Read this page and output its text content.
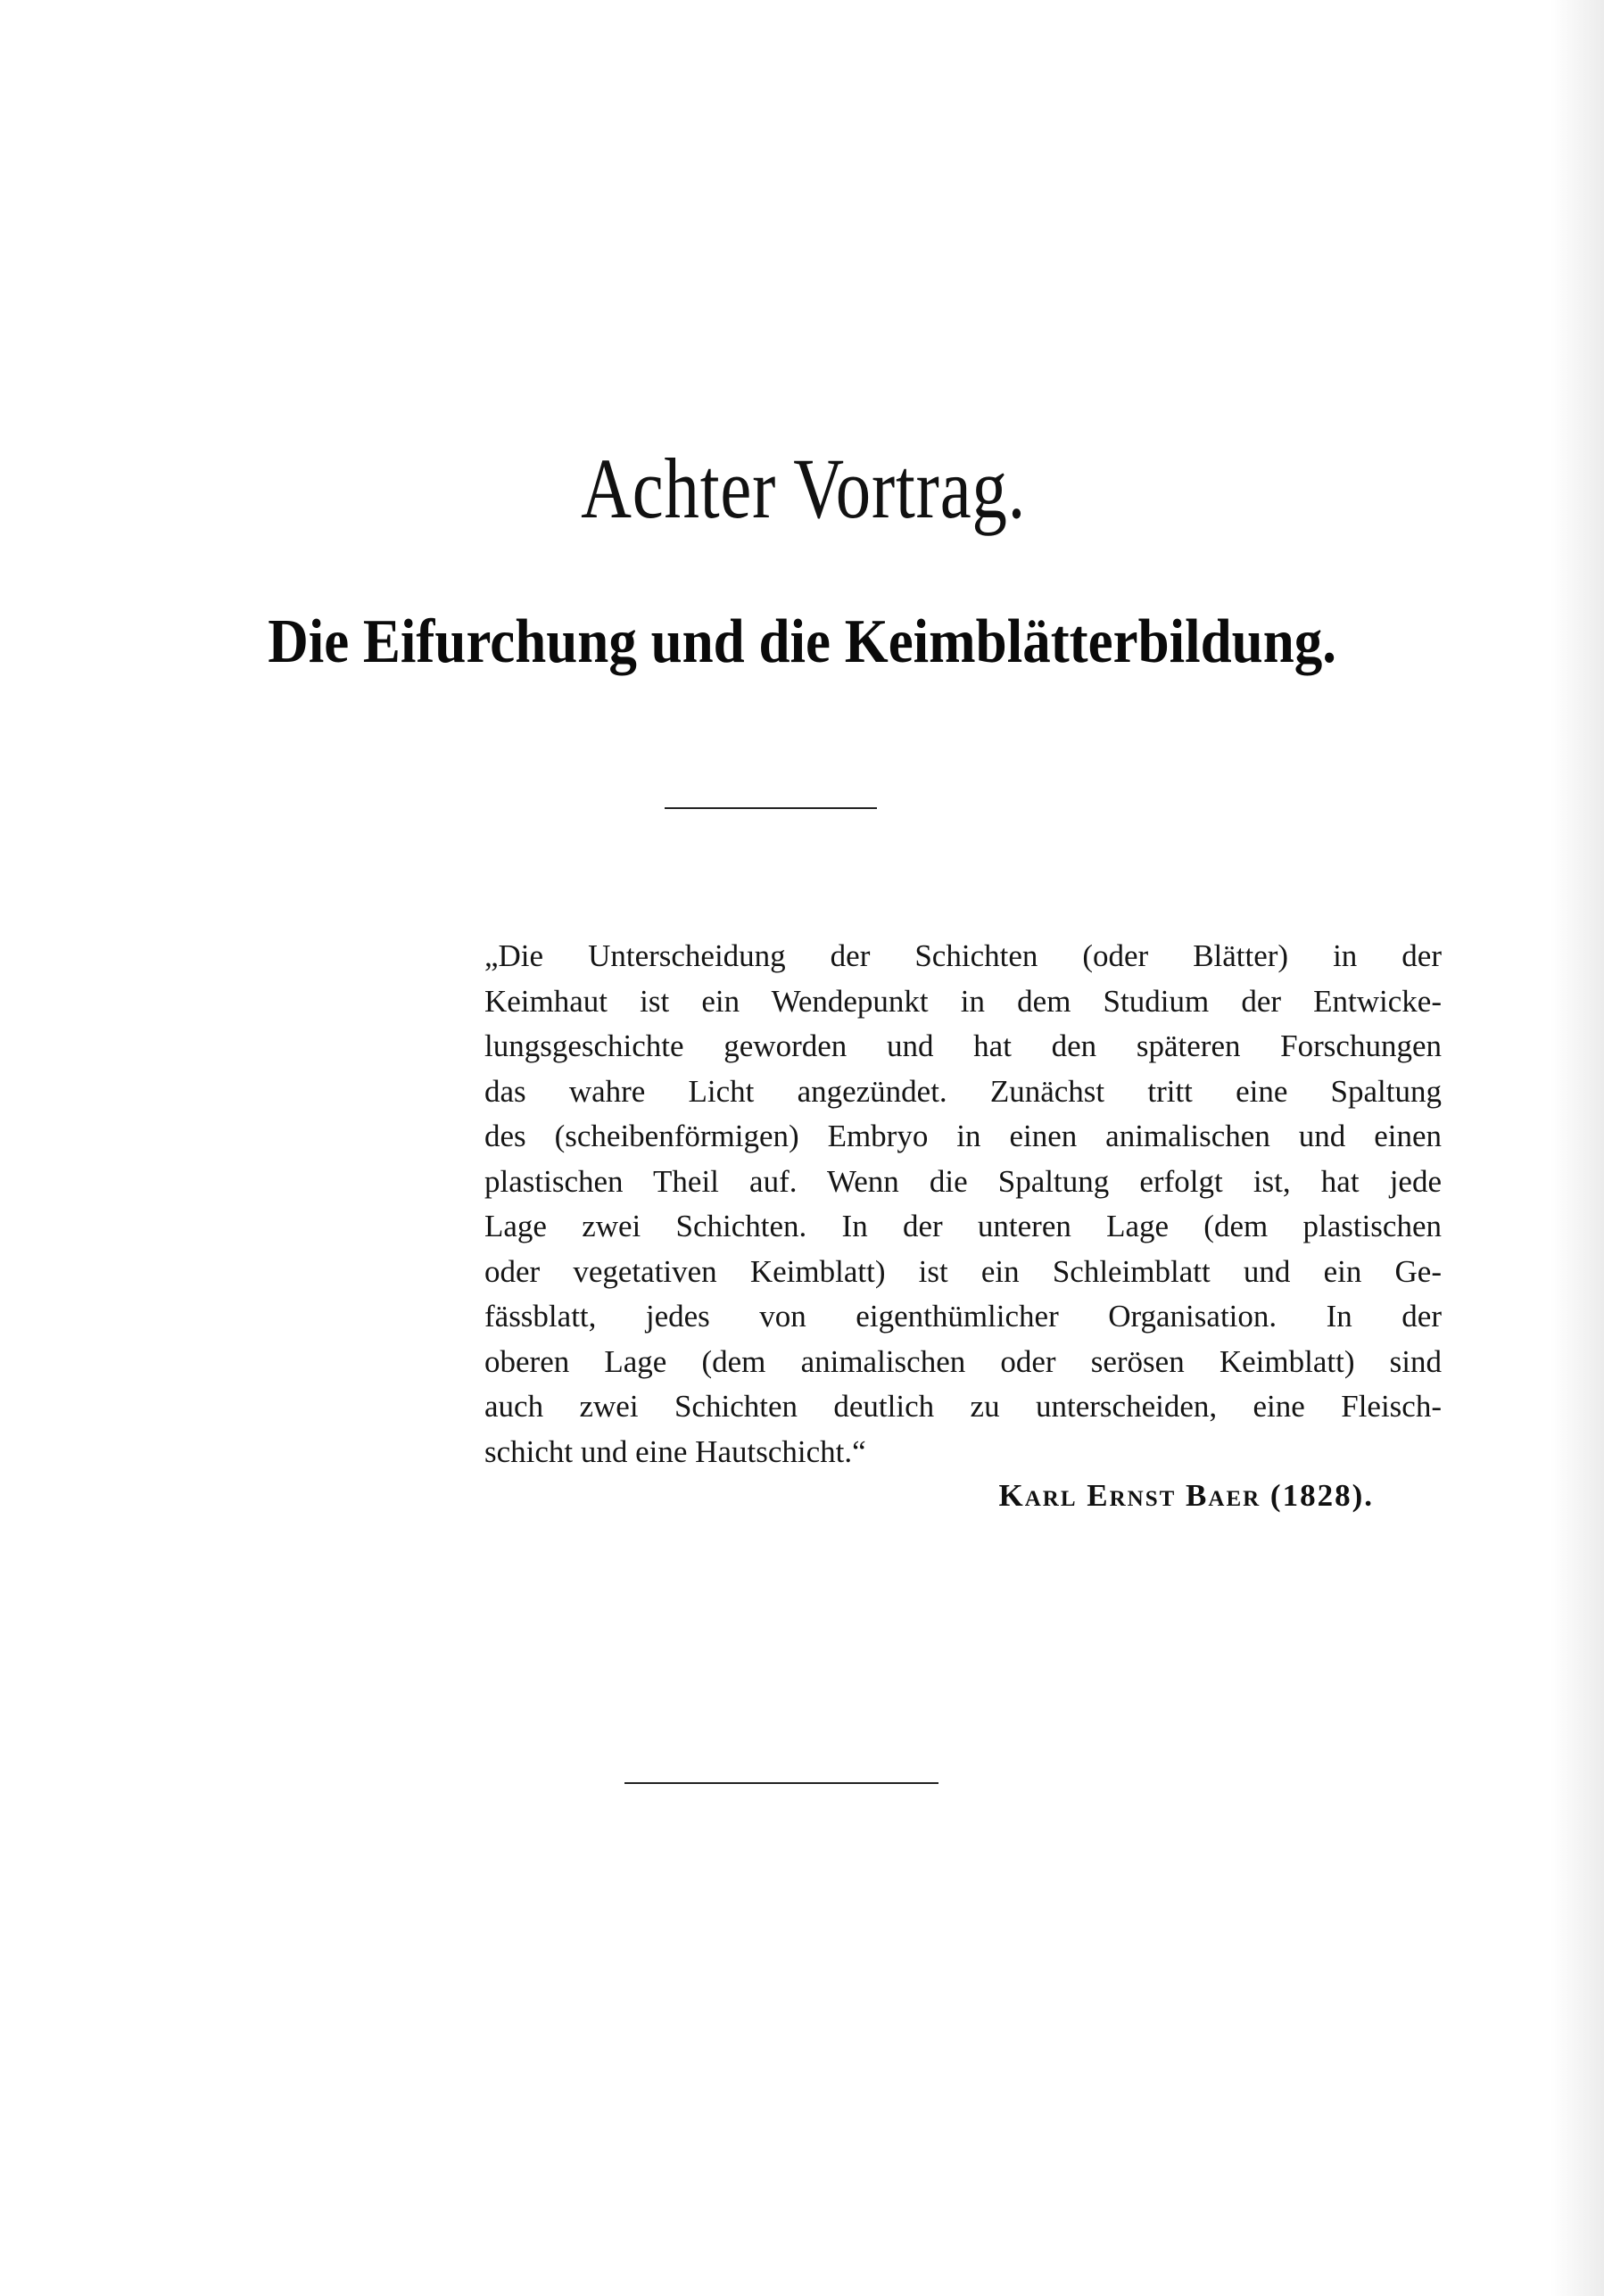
Achter Vortrag.
Die Eifurchung und die Keimblätterbildung.
„Die Unterscheidung der Schichten (oder Blätter) in der
Keimhaut ist ein Wendepunkt in dem Studium der Entwicke-
lungsgeschichte geworden und hat den späteren Forschungen
das wahre Licht angezündet. Zunächst tritt eine Spaltung
des (scheibenförmigen) Embryo in einen animalischen und einen
plastischen Theil auf. Wenn die Spaltung erfolgt ist, hat jede
Lage zwei Schichten. In der unteren Lage (dem plastischen
oder vegetativen Keimblatt) ist ein Schleimblatt und ein Ge-
fässblatt, jedes von eigenthümlicher Organisation. In der
oberen Lage (dem animalischen oder serösen Keimblatt) sind
auch zwei Schichten deutlich zu unterscheiden, eine Fleisch-
schicht und eine Hautschicht.“
Karl Ernst Baer (1828).
